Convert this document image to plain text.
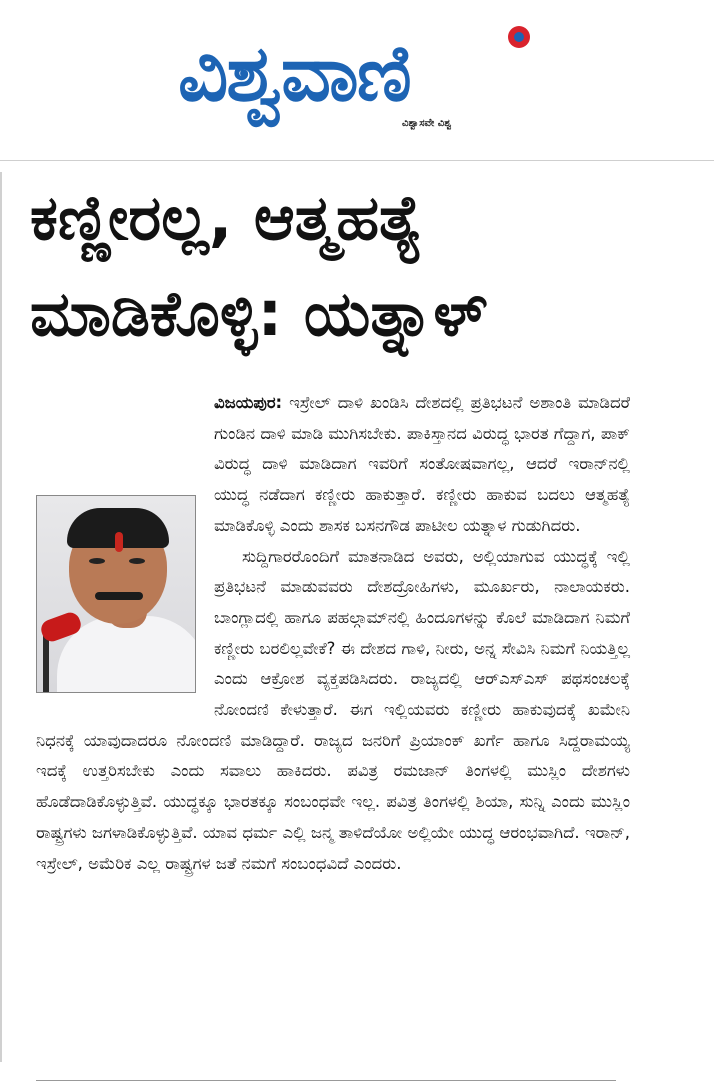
ವಿಶ್ವವಾಣಿ
ವಿಶ್ವಾಸವೇ ವಿಶ್ವ
ಕಣ್ಣೀರಲ್ಲ, ಆತ್ಮಹತ್ಯೆ ಮಾಡಿಕೊಳ್ಳಿ: ಯತ್ನಾಳ್
ವಿಜಯಪುರ: ಇಸ್ರೇಲ್ ದಾಳಿ ಖಂಡಿಸಿ ದೇಶದಲ್ಲಿ ಪ್ರತಿಭಟನೆ ಅಶಾಂತಿ ಮಾಡಿದರೆ ಗುಂಡಿನ ದಾಳಿ ಮಾಡಿ ಮುಗಿಸಬೇಕು. ಪಾಕಿಸ್ತಾನದ ವಿರುದ್ಧ ಭಾರತ ಗೆದ್ದಾಗ, ಪಾಕ್ ವಿರುದ್ಧ ದಾಳಿ ಮಾಡಿದಾಗ ಇವರಿಗೆ ಸಂತೋಷವಾಗಲ್ಲ, ಆದರೆ ಇರಾನ್‌ನಲ್ಲಿ ಯುದ್ಧ ನಡೆದಾಗ ಕಣ್ಣೀರು ಹಾಕುತ್ತಾರೆ. ಕಣ್ಣೀರು ಹಾಕುವ ಬದಲು ಆತ್ಮಹತ್ಯೆ ಮಾಡಿಕೊಳ್ಳಿ ಎಂದು ಶಾಸಕ ಬಸನಗೌಡ ಪಾಟೀಲ ಯತ್ನಾಳ ಗುಡುಗಿದರು.
ಸುದ್ದಿಗಾರರೊಂದಿಗೆ ಮಾತನಾಡಿದ ಅವರು, ಅಲ್ಲಿಯಾಗುವ ಯುದ್ಧಕ್ಕೆ ಇಲ್ಲಿ ಪ್ರತಿಭಟನೆ ಮಾಡುವವರು ದೇಶದ್ರೋಹಿಗಳು, ಮೂರ್ಖರು, ನಾಲಾಯಕರು. ಬಾಂಗ್ಲಾದಲ್ಲಿ ಹಾಗೂ ಪಹಲ್ಗಾಮ್‌ನಲ್ಲಿ ಹಿಂದೂಗಳನ್ನು ಕೊಲೆ ಮಾಡಿದಾಗ ನಿಮಗೆ ಕಣ್ಣೀರು ಬರಲಿಲ್ಲವೇಕೆ? ಈ ದೇಶದ ಗಾಳಿ, ನೀರು, ಅನ್ನ ಸೇವಿಸಿ ನಿಮಗೆ ನಿಯತ್ತಿಲ್ಲ ಎಂದು ಆಕ್ರೋಶ ವ್ಯಕ್ತಪಡಿಸಿದರು. ರಾಜ್ಯದಲ್ಲಿ ಆರ್‌ಎಸ್‌ಎಸ್ ಪಥಸಂಚಲಕ್ಕೆ ನೋಂದಣಿ ಕೇಳುತ್ತಾರೆ. ಈಗ ಇಲ್ಲಿಯವರು ಕಣ್ಣೀರು ಹಾಕುವುದಕ್ಕೆ ಖಮೇನಿ ನಿಧನಕ್ಕೆ ಯಾವುದಾದರೂ ನೋಂದಣಿ ಮಾಡಿದ್ದಾರೆ. ರಾಜ್ಯದ ಜನರಿಗೆ ಪ್ರಿಯಾಂಕ್ ಖರ್ಗೆ ಹಾಗೂ ಸಿದ್ದರಾಮಯ್ಯ ಇದಕ್ಕೆ ಉತ್ತರಿಸಬೇಕು ಎಂದು ಸವಾಲು ಹಾಕಿದರು. ಪವಿತ್ರ ರಮಜಾನ್ ತಿಂಗಳಲ್ಲಿ ಮುಸ್ಲಿಂ ದೇಶಗಳು ಹೊಡೆದಾಡಿಕೊಳ್ಳುತ್ತಿವೆ. ಯುದ್ಧಕ್ಕೂ ಭಾರತಕ್ಕೂ ಸಂಬಂಧವೇ ಇಲ್ಲ. ಪವಿತ್ರ ತಿಂಗಳಲ್ಲಿ ಶಿಯಾ, ಸುನ್ನಿ ಎಂದು ಮುಸ್ಲಿಂ ರಾಷ್ಟ್ರಗಳು ಜಗಳಾಡಿಕೊಳ್ಳುತ್ತಿವೆ. ಯಾವ ಧರ್ಮ ಎಲ್ಲಿ ಜನ್ಮ ತಾಳಿದೆಯೋ ಅಲ್ಲಿಯೇ ಯುದ್ಧ ಆರಂಭವಾಗಿದೆ. ಇರಾನ್, ಇಸ್ರೇಲ್, ಅಮೆರಿಕ ಎಲ್ಲ ರಾಷ್ಟ್ರಗಳ ಜತೆ ನಮಗೆ ಸಂಬಂಧವಿದೆ ಎಂದರು.
